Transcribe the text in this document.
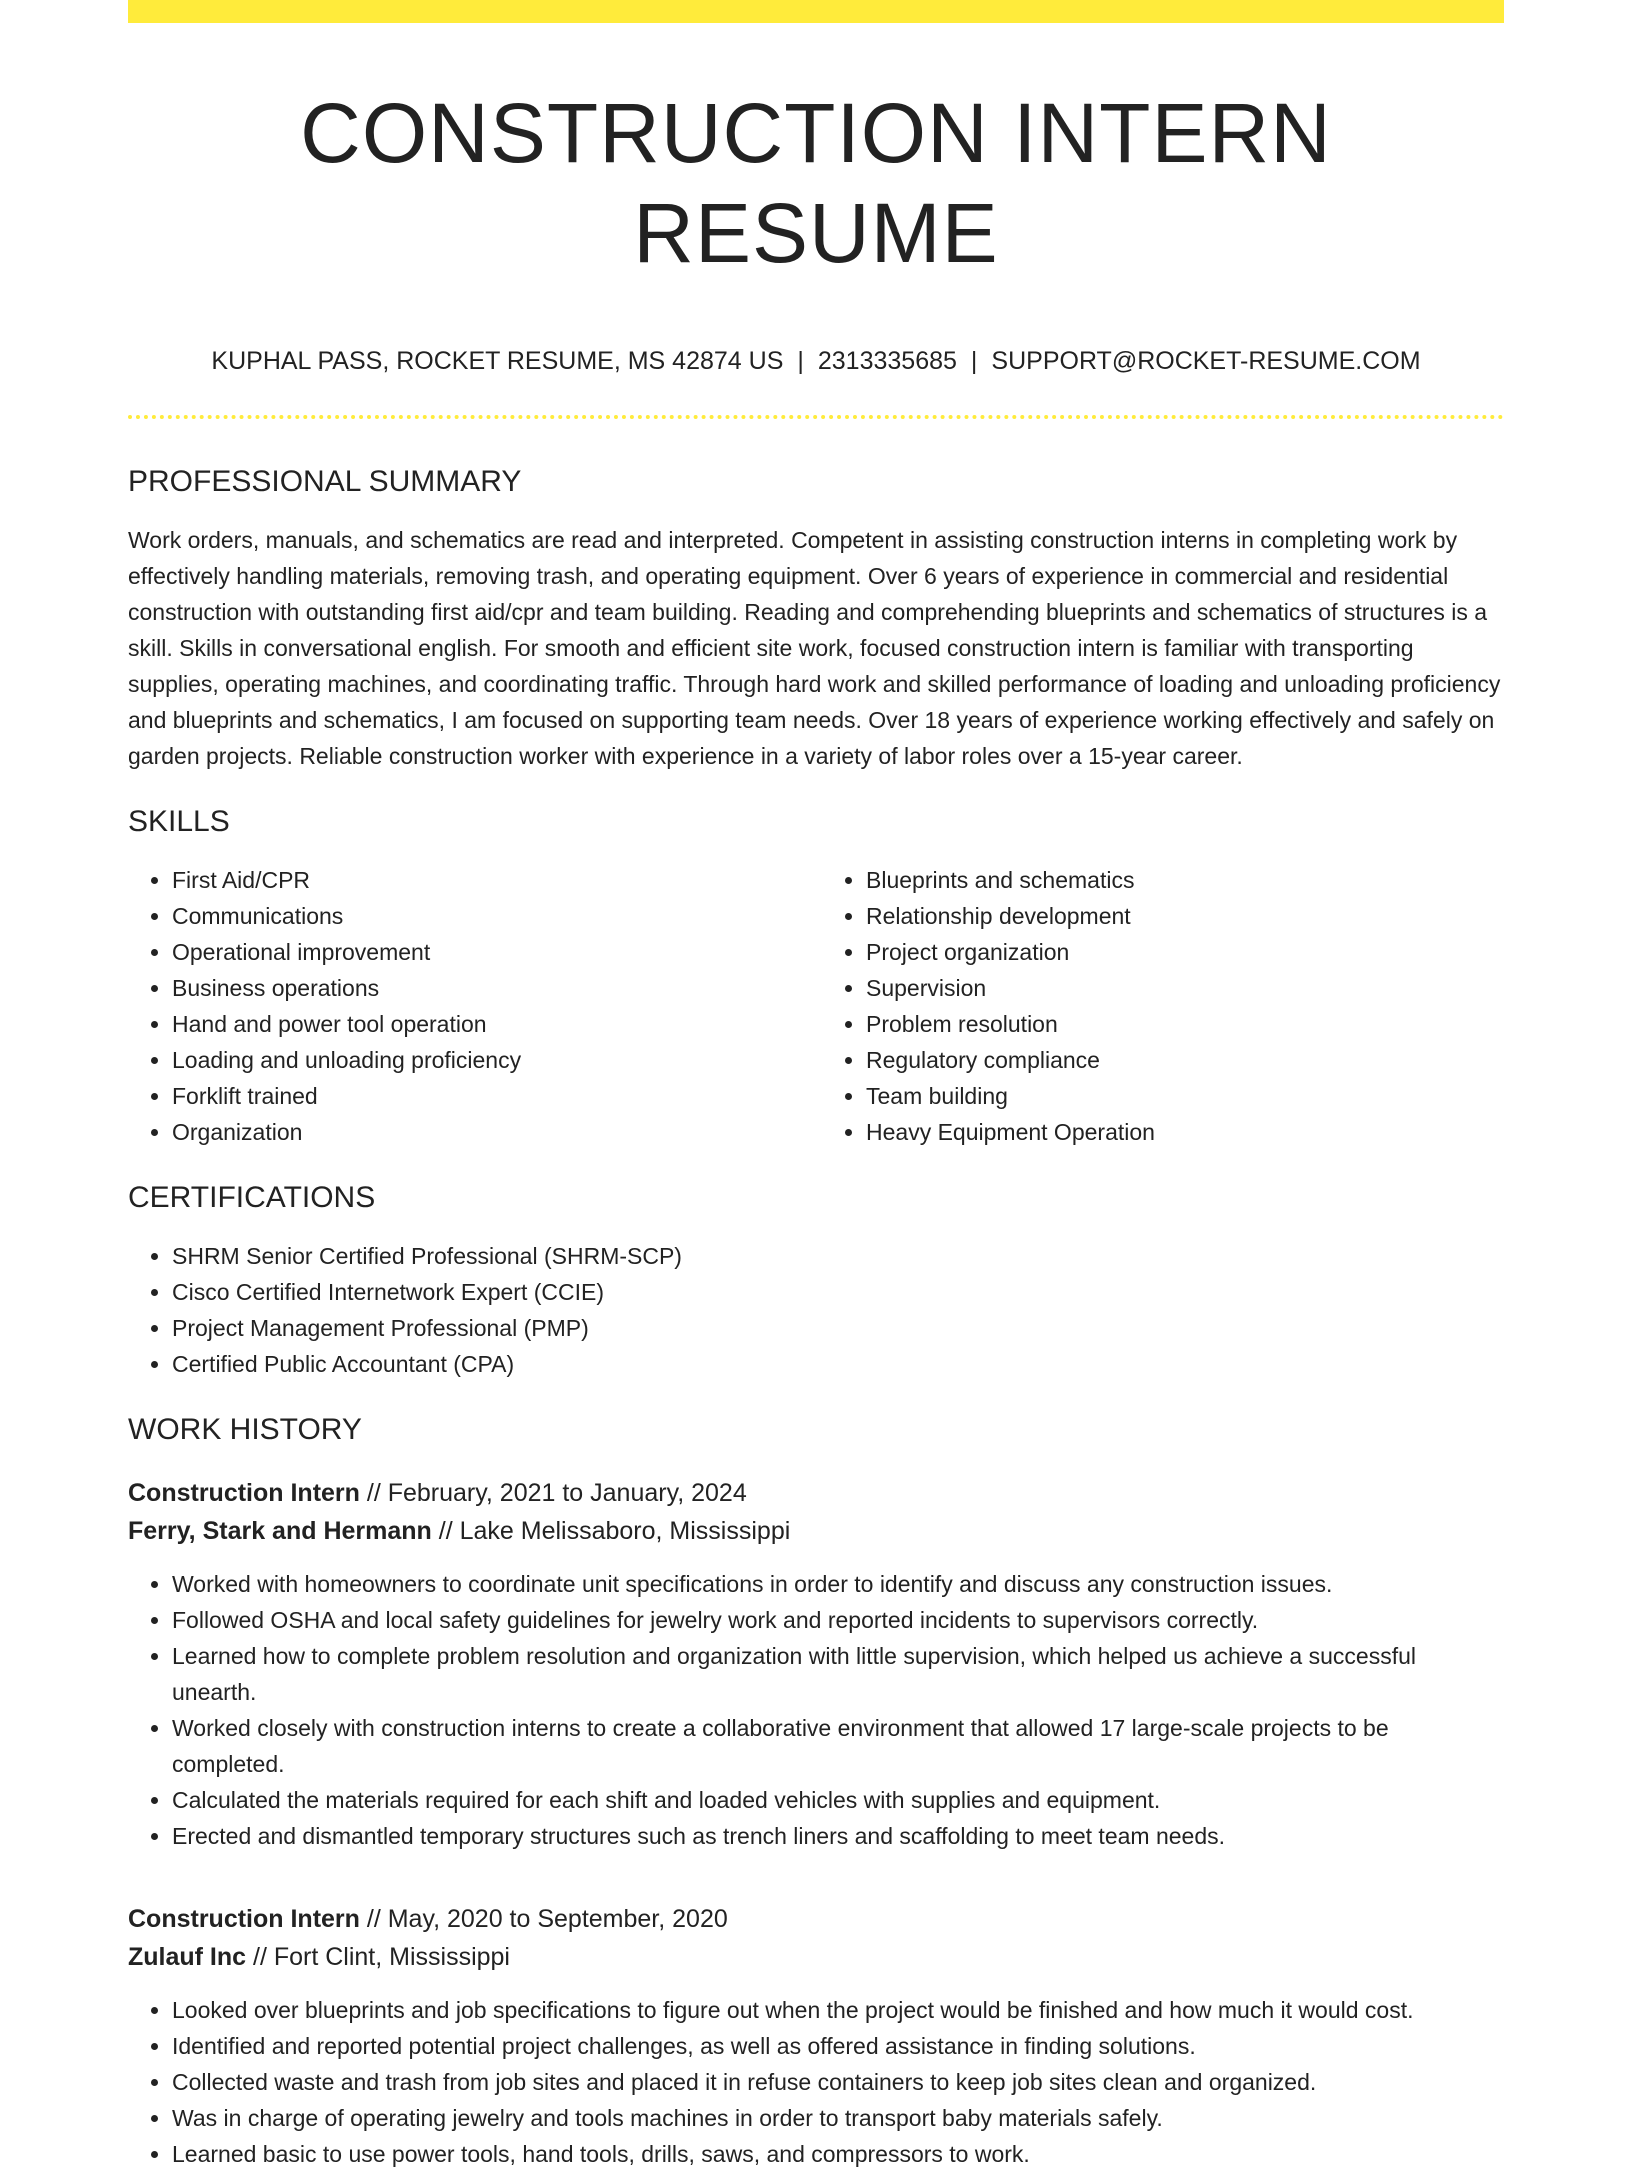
CONSTRUCTION INTERN RESUME
KUPHAL PASS, ROCKET RESUME, MS 42874 US | 2313335685 | SUPPORT@ROCKET-RESUME.COM
PROFESSIONAL SUMMARY

Work orders, manuals, and schematics are read and interpreted. Competent in assisting construction interns in completing work by effectively handling materials, removing trash, and operating equipment. Over 6 years of experience in commercial and residential construction with outstanding first aid/cpr and team building. Reading and comprehending blueprints and schematics of structures is a skill. Skills in conversational english. For smooth and efficient site work, focused construction intern is familiar with transporting supplies, operating machines, and coordinating traffic. Through hard work and skilled performance of loading and unloading proficiency and blueprints and schematics, I am focused on supporting team needs. Over 18 years of experience working effectively and safely on garden projects. Reliable construction worker with experience in a variety of labor roles over a 15-year career.

SKILLS
• First Aid/CPR
• Communications
• Operational improvement
• Business operations
• Hand and power tool operation
• Loading and unloading proficiency
• Forklift trained
• Organization
• Blueprints and schematics
• Relationship development
• Project organization
• Supervision
• Problem resolution
• Regulatory compliance
• Team building
• Heavy Equipment Operation
CERTIFICATIONS
• SHRM Senior Certified Professional (SHRM-SCP)
• Cisco Certified Internetwork Expert (CCIE)
• Project Management Professional (PMP)
• Certified Public Accountant (CPA)
WORK HISTORY
Construction Intern // February, 2021 to January, 2024
Ferry, Stark and Hermann // Lake Melissaboro, Mississippi
• Worked with homeowners to coordinate unit specifications in order to identify and discuss any construction issues.
• Followed OSHA and local safety guidelines for jewelry work and reported incidents to supervisors correctly.
• Learned how to complete problem resolution and organization with little supervision, which helped us achieve a successful unearth.
• Worked closely with construction interns to create a collaborative environment that allowed 17 large-scale projects to be completed.
• Calculated the materials required for each shift and loaded vehicles with supplies and equipment.
• Erected and dismantled temporary structures such as trench liners and scaffolding to meet team needs.
Construction Intern // May, 2020 to September, 2020
Zulauf Inc // Fort Clint, Mississippi
• Looked over blueprints and job specifications to figure out when the project would be finished and how much it would cost.
• Identified and reported potential project challenges, as well as offered assistance in finding solutions.
• Collected waste and trash from job sites and placed it in refuse containers to keep job sites clean and organized.
• Was in charge of operating jewelry and tools machines in order to transport baby materials safely.
• Learned basic to use power tools, hand tools, drills, saws, and compressors to work.
